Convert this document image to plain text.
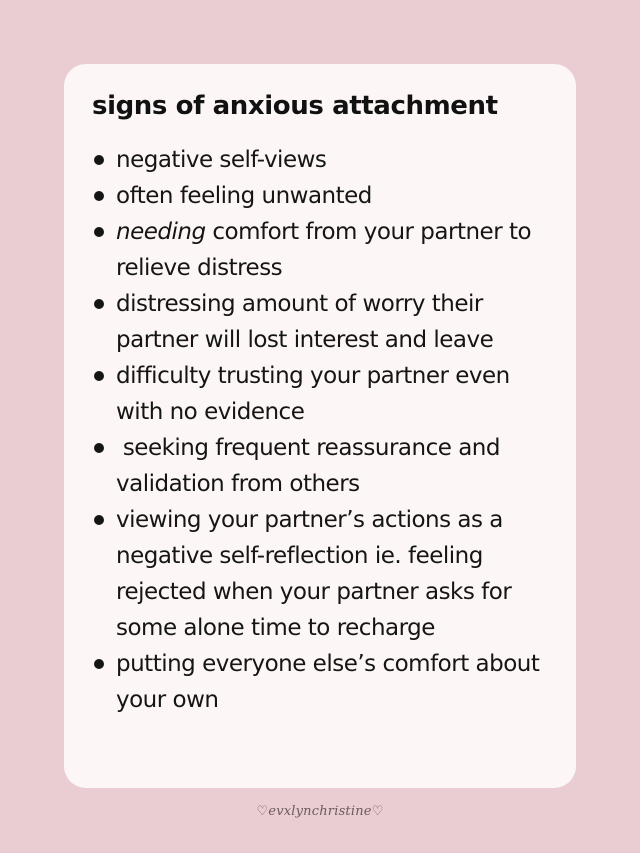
signs of anxious attachment
negative self-views
often feeling unwanted
needing comfort from your partner to relieve distress
distressing amount of worry their partner will lost interest and leave
difficulty trusting your partner even with no evidence
seeking frequent reassurance and validation from others
viewing your partner’s actions as a negative self-reflection ie. feeling rejected when your partner asks for some alone time to recharge
putting everyone else’s comfort about your own
♡evxlynchristine♡
